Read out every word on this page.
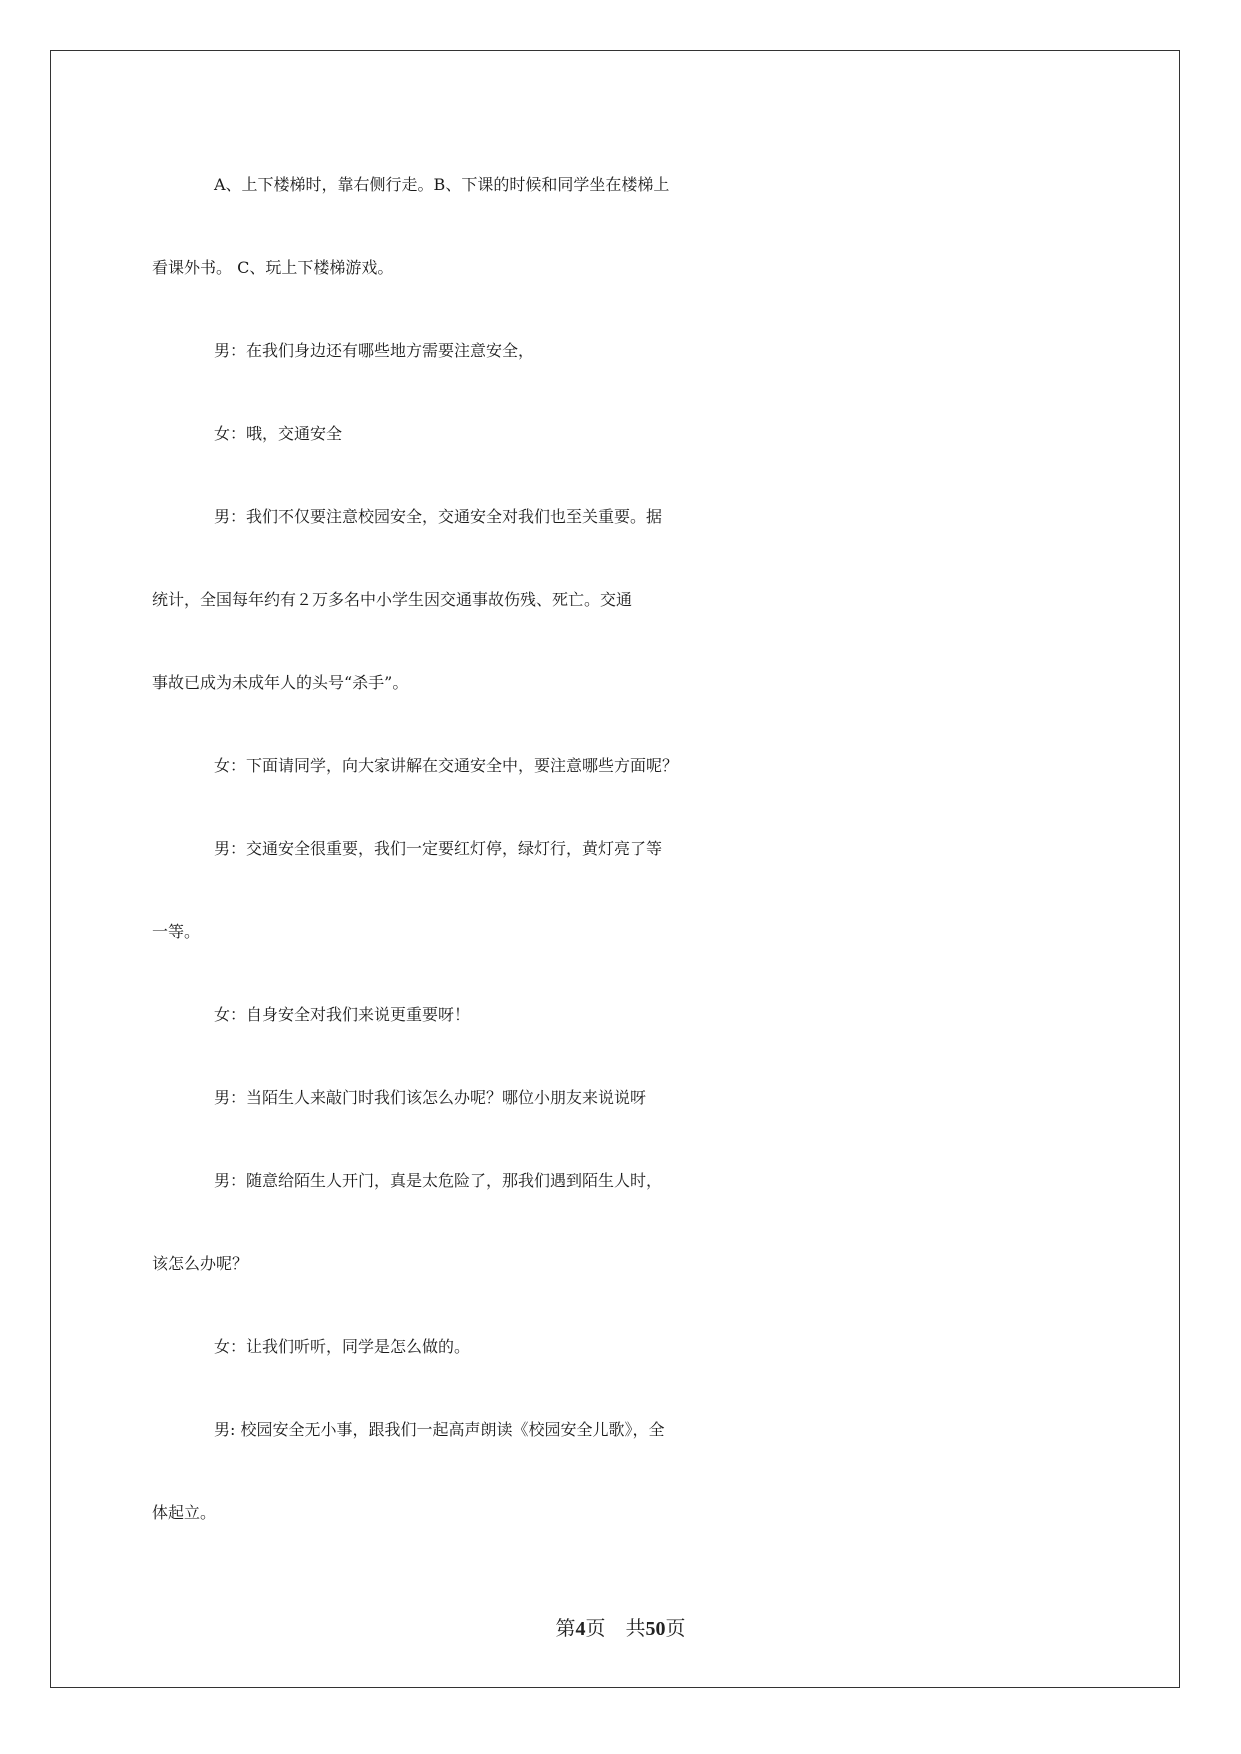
A、上下楼梯时，靠右侧行走。B、下课的时候和同学坐在楼梯上
看课外书。 C、玩上下楼梯游戏。
男：在我们身边还有哪些地方需要注意安全，
女：哦，交通安全
男：我们不仅要注意校园安全，交通安全对我们也至关重要。据
统计，全国每年约有２万多名中小学生因交通事故伤残、死亡。交通
事故已成为未成年人的头号“杀手”。
女：下面请同学，向大家讲解在交通安全中，要注意哪些方面呢？
男：交通安全很重要，我们一定要红灯停，绿灯行，黄灯亮了等
一等。
女：自身安全对我们来说更重要呀！
男：当陌生人来敲门时我们该怎么办呢？哪位小朋友来说说呀
男：随意给陌生人开门，真是太危险了，那我们遇到陌生人时，
该怎么办呢？
女：让我们听听，同学是怎么做的。
男: 校园安全无小事，跟我们一起高声朗读《校园安全儿歌》，全
体起立。
第4页　共50页
